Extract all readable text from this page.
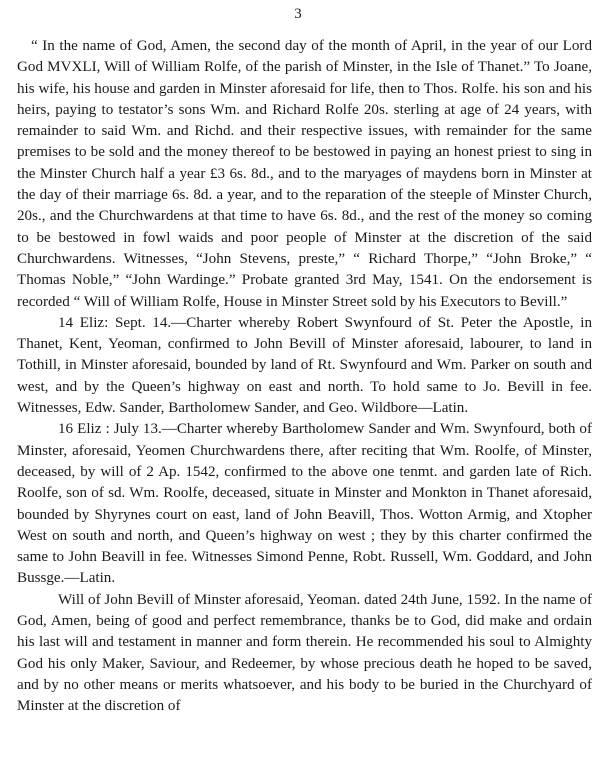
3

“ In the name of God, Amen, the second day of the month of April, in the year of our Lord God MVXLI, Will of William Rolfe, of the parish of Minster, in the Isle of Thanet.” To Joane, his wife, his house and garden in Minster aforesaid for life, then to Thos. Rolfe. his son and his heirs, paying to testator’s sons Wm. and Richard Rolfe 20s. sterling at age of 24 years, with remainder to said Wm. and Richd. and their respective issues, with remainder for the same premises to be sold and the money thereof to be bestowed in paying an honest priest to sing in the Minster Church half a year £3 6s. 8d., and to the maryages of maydens born in Minster at the day of their marriage 6s. 8d. a year, and to the reparation of the steeple of Minster Church, 20s., and the Churchwardens at that time to have 6s. 8d., and the rest of the money so coming to be bestowed in fowl waids and poor people of Minster at the discretion of the said Churchwardens. Witnesses, “John Stevens, preste,” “ Richard Thorpe,” “John Broke,” “ Thomas Noble,” “John Wardinge.” Probate granted 3rd May, 1541. On the endorsement is recorded “ Will of William Rolfe, House in Minster Street sold by his Executors to Bevill.”

14 Eliz: Sept. 14.—Charter whereby Robert Swynfourd of St. Peter the Apostle, in Thanet, Kent, Yeoman, confirmed to John Bevill of Minster aforesaid, labourer, to land in Tothill, in Minster aforesaid, bounded by land of Rt. Swynfourd and Wm. Parker on south and west, and by the Queen’s highway on east and north. To hold same to Jo. Bevill in fee. Witnesses, Edw. Sander, Bartholomew Sander, and Geo. Wildbore—Latin.

16 Eliz : July 13.—Charter whereby Bartholomew Sander and Wm. Swynfourd, both of Minster, aforesaid, Yeomen Churchwardens there, after reciting that Wm. Roolfe, of Minster, deceased, by will of 2 Ap. 1542, confirmed to the above one tenmt. and garden late of Rich. Roolfe, son of sd. Wm. Roolfe, deceased, situate in Minster and Monkton in Thanet aforesaid, bounded by Shyrynes court on east, land of John Beavill, Thos. Wotton Armig, and Xtopher West on south and north, and Queen’s highway on west ; they by this charter confirmed the same to John Beavill in fee. Witnesses Simond Penne, Robt. Russell, Wm. Goddard, and John Bussge.—Latin.

Will of John Bevill of Minster aforesaid, Yeoman. dated 24th June, 1592. In the name of God, Amen, being of good and perfect remembrance, thanks be to God, did make and ordain his last will and testament in manner and form therein. He recommended his soul to Almighty God his only Maker, Saviour, and Redeemer, by whose precious death he hoped to be saved, and by no other means or merits whatsoever, and his body to be buried in the Churchyard of Minster at the discretion of
